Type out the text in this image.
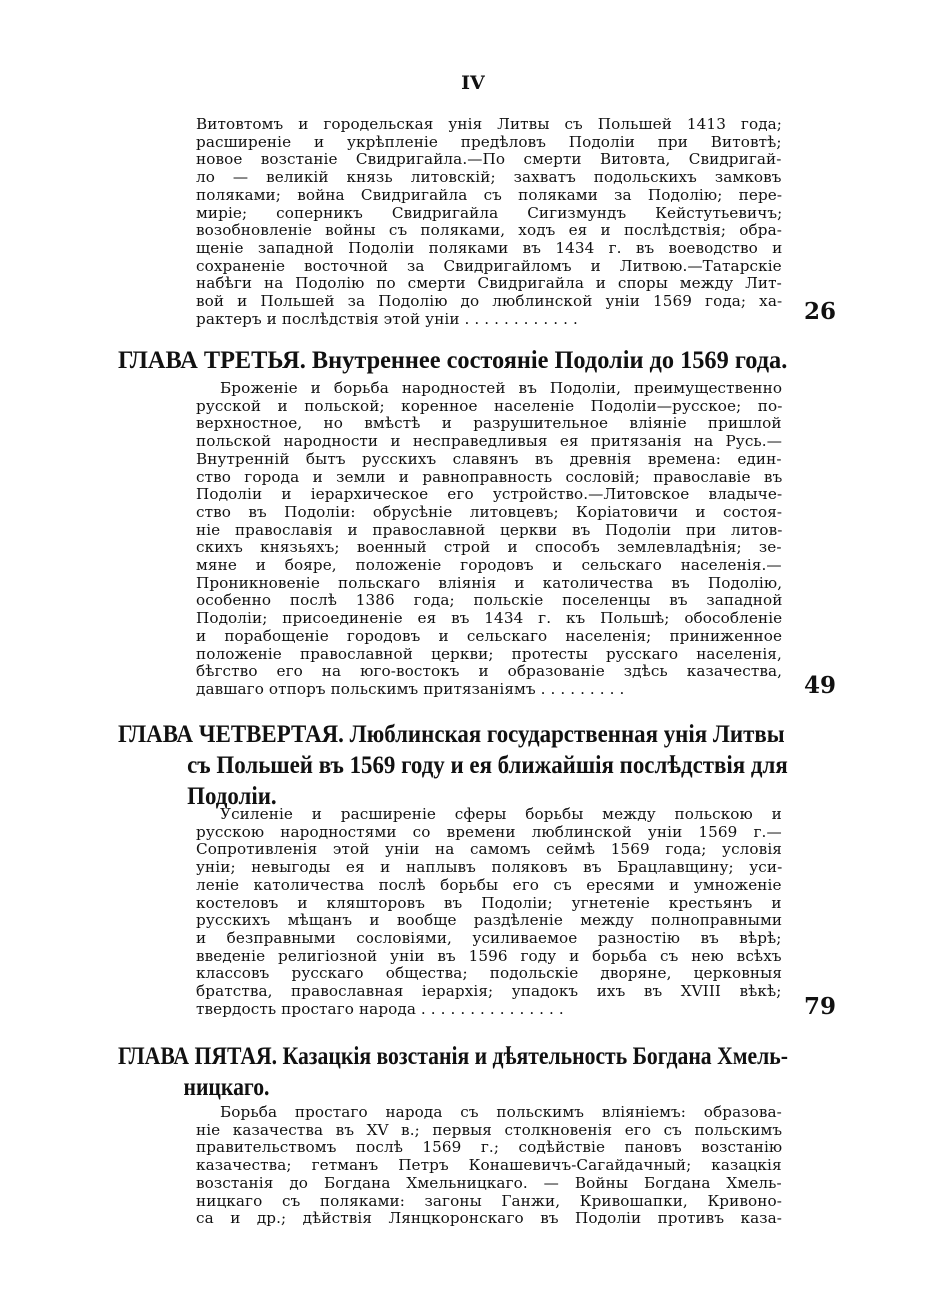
IV
Витовтомъ и городельская унія Литвы съ Польшей 1413 года;
расширеніе и укрѣпленіе предѣловъ Подоліи при Витовтѣ;
новое возстаніе Свидригайла.—По смерти Витовта, Свидригай-
ло — великій князь литовскій; захватъ подольскихъ замковъ
поляками; война Свидригайла съ поляками за Подолію; пере-
миріе; соперникъ Свидригайла Сигизмундъ Кейстутьевичъ;
возобновленіе войны съ поляками, ходъ ея и послѣдствія; обра-
щеніе западной Подоліи поляками въ 1434 г. въ воеводство и
сохраненіе восточной за Свидригайломъ и Литвою.—Татарскіе
набѣги на Подолію по смерти Свидригайла и споры между Лит-
вой и Польшей за Подолію до люблинской уніи 1569 года; ха-
рактеръ и послѣдствія этой уніи . . . . . . . . . . . .	26
ГЛАВА ТРЕТЬЯ. Внутреннее состояніе Подоліи до 1569 года.
Броженіе и борьба народностей въ Подоліи, преимущественно
русской и польской; коренное населеніе Подоліи—русское; по-
верхностное, но вмѣстѣ и разрушительное вліяніе пришлой
польской народности и несправедливыя ея притязанія на Русь.—
Внутренній бытъ русскихъ славянъ въ древнія времена: един-
ство города и земли и равноправность сословій; православіе въ
Подоліи и іерархическое его устройство.—Литовское владыче-
ство въ Подоліи: обрусѣніе литовцевъ; Коріатовичи и состоя-
ніе православія и православной церкви въ Подоліи при литов-
скихъ князьяхъ; военный строй и способъ землевладѣнія; зе-
мяне и бояре, положеніе городовъ и сельскаго населенія.—
Проникновеніе польскаго вліянія и католичества въ Подолію,
особенно послѣ 1386 года; польскіе поселенцы въ западной
Подоліи; присоединеніе ея въ 1434 г. къ Польшѣ; обособленіе
и порабощеніе городовъ и сельскаго населенія; приниженное
положеніе православной церкви; протесты русскаго населенія,
бѣгство его на юго-востокъ и образованіе здѣсь казачества,
давшаго отпоръ польскимъ притязаніямъ . . . . . . . . .	49
ГЛАВА ЧЕТВЕРТАЯ. Люблинская государственная унія Литвы
съ Польшей въ 1569 году и ея ближайшія послѣдствія для
Подоліи.
Усиленіе и расширеніе сферы борьбы между польскою и
русскою народностями со времени люблинской уніи 1569 г.—
Сопротивленія этой уніи на самомъ сеймѣ 1569 года; условія
уніи; невыгоды ея и наплывъ поляковъ въ Брацлавщину; уси-
леніе католичества послѣ борьбы его съ ересями и умноженіе
костеловъ и кляшторовъ въ Подоліи; угнетеніе крестьянъ и
русскихъ мѣщанъ и вообще раздѣленіе между полноправными
и безправными сословіями, усиливаемое разностію въ вѣрѣ;
введеніе религіозной уніи въ 1596 году и борьба съ нею всѣхъ
классовъ русскаго общества; подольскіе дворяне, церковныя
братства, православная іерархія; упадокъ ихъ въ XVIII вѣкѣ;
твердость простаго народа . . . . . . . . . . . . . . .	79
ГЛАВА ПЯТАЯ. Казацкія возстанія и дѣятельность Богдана Хмель-
ницкаго.
Борьба простаго народа съ польскимъ вліяніемъ: образова-
ніе казачества въ XV в.; первыя столкновенія его съ польскимъ
правительствомъ послѣ 1569 г.; содѣйствіе пановъ возстанію
казачества; гетманъ Петръ Конашевичъ-Сагайдачный; казацкія
возстанія до Богдана Хмельницкаго. — Войны Богдана Хмель-
ницкаго съ поляками: загоны Ганжи, Кривошапки, Кривоно-
са и др.; дѣйствія Лянцкоронскаго въ Подоліи противъ каза-
